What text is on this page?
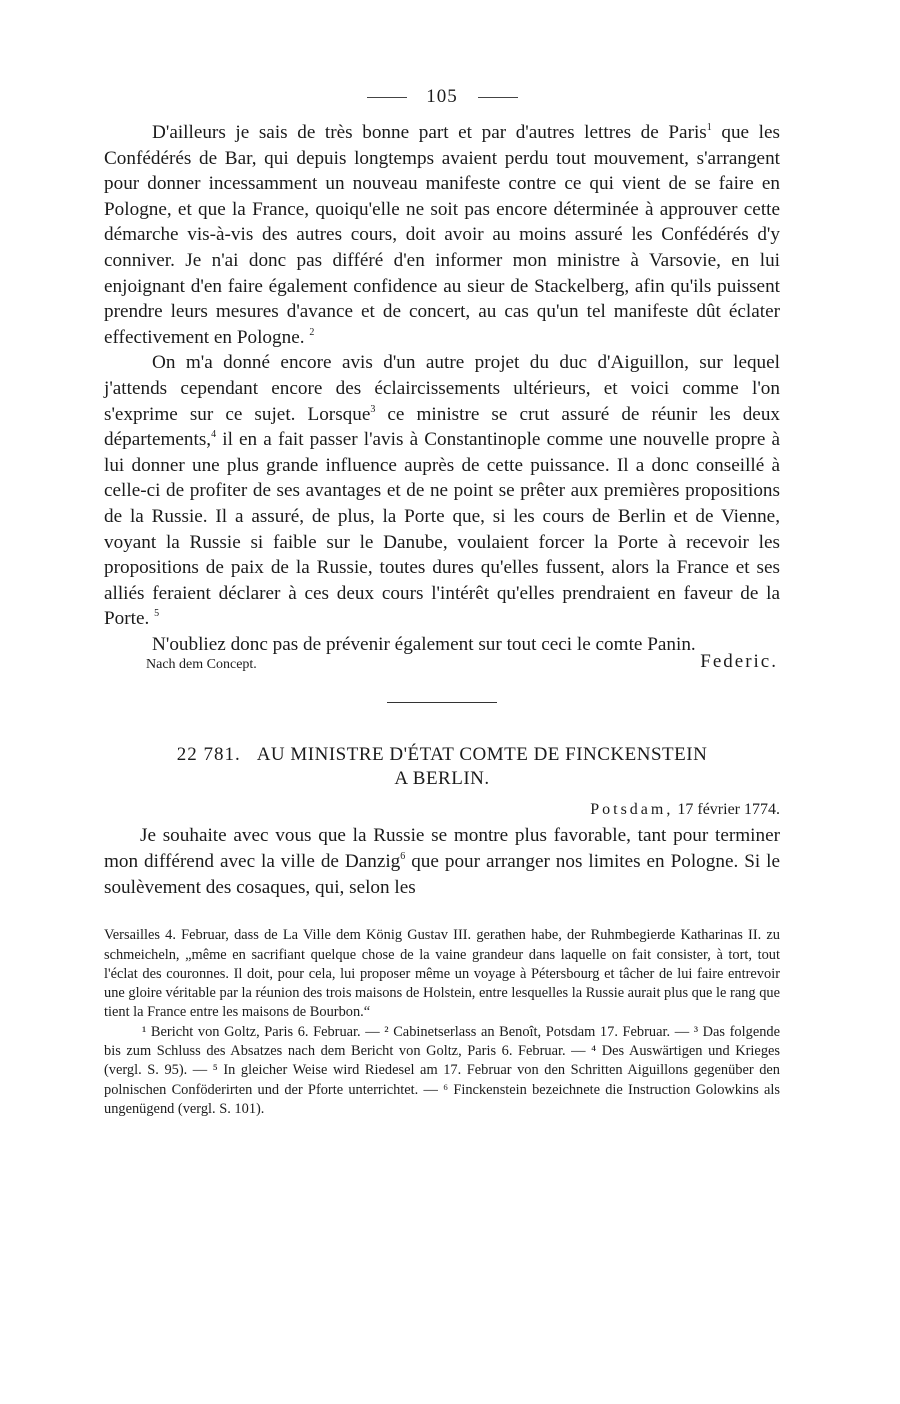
105

D'ailleurs je sais de très bonne part et par d'autres lettres de Paris$^1$ que les Confédérés de Bar, qui depuis longtemps avaient perdu tout mouvement, s'arrangent pour donner incessamment un nouveau manifeste contre ce qui vient de se faire en Pologne, et que la France, quoiqu'elle ne soit pas encore déterminée à approuver cette démarche vis-à-vis des autres cours, doit avoir au moins assuré les Confédérés d'y conniver. Je n'ai donc pas différé d'en informer mon ministre à Varsovie, en lui enjoignant d'en faire également confidence au sieur de Stackelberg, afin qu'ils puissent prendre leurs mesures d'avance et de concert, au cas qu'un tel manifeste dût éclater effectivement en Pologne. $^2$

On m'a donné encore avis d'un autre projet du duc d'Aiguillon, sur lequel j'attends cependant encore des éclaircissements ultérieurs, et voici comme l'on s'exprime sur ce sujet. Lorsque$^3$ ce ministre se crut assuré de réunir les deux départements,$^4$ il en a fait passer l'avis à Constantinople comme une nouvelle propre à lui donner une plus grande influence auprès de cette puissance. Il a donc conseillé à celle-ci de profiter de ses avantages et de ne point se prêter aux premières propositions de la Russie. Il a assuré, de plus, la Porte que, si les cours de Berlin et de Vienne, voyant la Russie si faible sur le Danube, voulaient forcer la Porte à recevoir les propositions de paix de la Russie, toutes dures qu'elles fussent, alors la France et ses alliés feraient déclarer à ces deux cours l'intérêt qu'elles prendraient en faveur de la Porte. $^5$

N'oubliez donc pas de prévenir également sur tout ceci le comte Panin.

Nach dem Concept.	Federic.
22 781. AU MINISTRE D'ÉTAT COMTE DE FINCKENSTEIN
A BERLIN.
Potsdam, 17 février 1774.

Je souhaite avec vous que la Russie se montre plus favorable, tant pour terminer mon différend avec la ville de Danzig$^6$ que pour arranger nos limites en Pologne. Si le soulèvement des cosaques, qui, selon les

Versailles 4. Februar, dass de La Ville dem König Gustav III. gerathen habe, der Ruhmbegierde Katharinas II. zu schmeicheln, „même en sacrifiant quelque chose de la vaine grandeur dans laquelle on fait consister, à tort, tout l'éclat des couronnes. Il doit, pour cela, lui proposer même un voyage à Pétersbourg et tâcher de lui faire entrevoir une gloire véritable par la réunion des trois maisons de Holstein, entre lesquelles la Russie aurait plus que le rang que tient la France entre les maisons de Bourbon.“

¹ Bericht von Goltz, Paris 6. Februar. — ² Cabinetserlass an Benoît, Potsdam 17. Februar. — ³ Das folgende bis zum Schluss des Absatzes nach dem Bericht von Goltz, Paris 6. Februar. — ⁴ Des Auswärtigen und Krieges (vergl. S. 95). — ⁵ In gleicher Weise wird Riedesel am 17. Februar von den Schritten Aiguillons gegenüber den polnischen Conföderirten und der Pforte unterrichtet. — ⁶ Finckenstein bezeichnete die Instruction Golowkins als ungenügend (vergl. S. 101).
